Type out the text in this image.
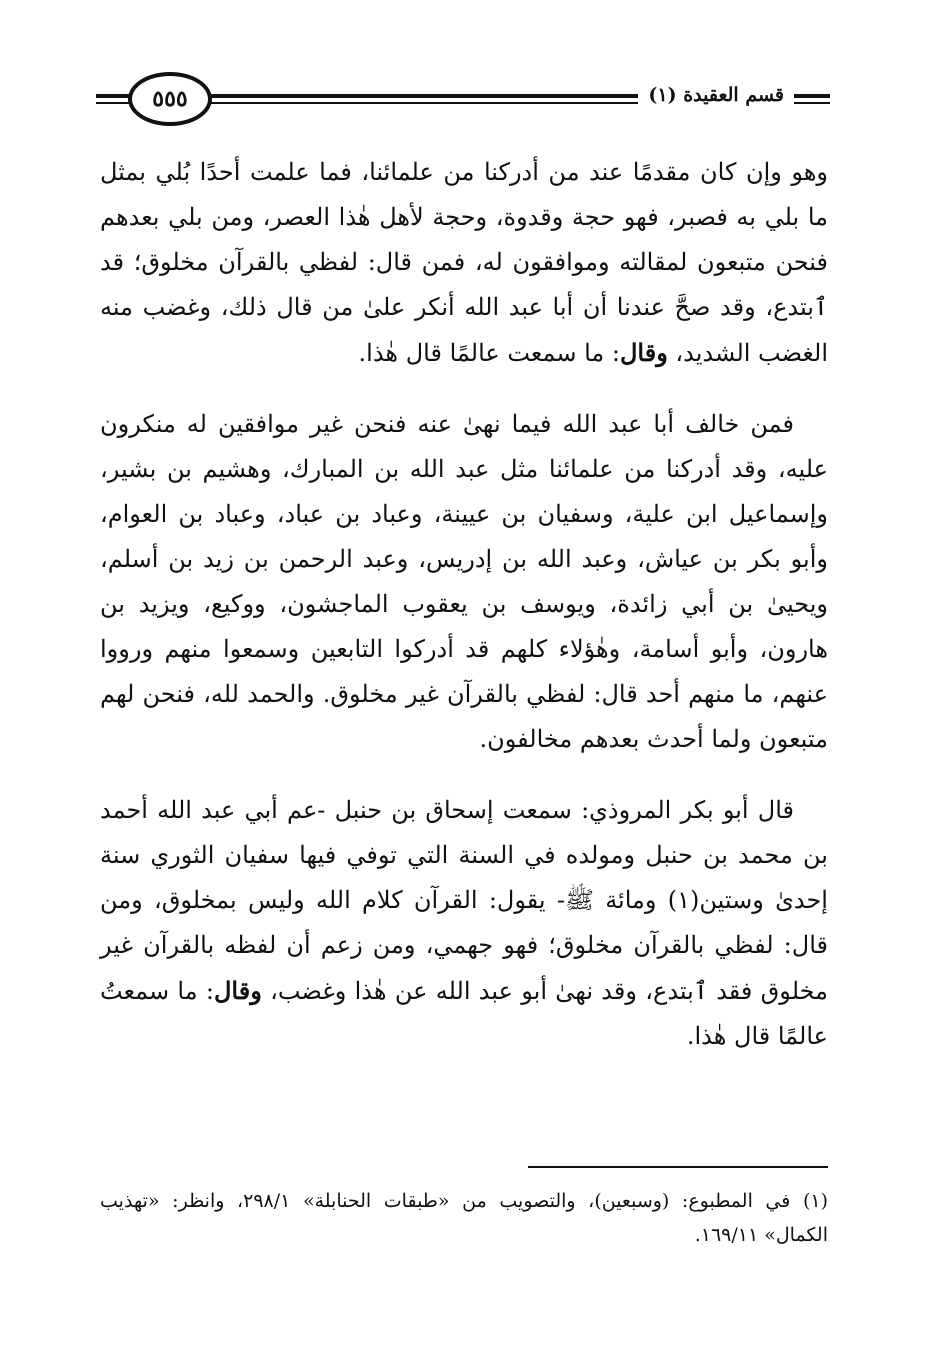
٥٥٥	قسم العقيدة (١)

وهو وإن كان مقدمًا عند من أدركنا من علمائنا، فما علمت أحدًا بُلي بمثل ما بلي به فصبر، فهو حجة وقدوة، وحجة لأهل هٰذا العصر، ومن بلي بعدهم فنحن متبعون لمقالته وموافقون له، فمن قال: لفظي بالقرآن مخلوق؛ قد ٱبتدع، وقد صحَّ عندنا أن أبا عبد الله أنكر علىٰ من قال ذلك، وغضب منه الغضب الشديد، وقال: ما سمعت عالمًا قال هٰذا.

فمن خالف أبا عبد الله فيما نهىٰ عنه فنحن غير موافقين له منكرون عليه، وقد أدركنا من علمائنا مثل عبد الله بن المبارك، وهشيم بن بشير، وإسماعيل ابن علية، وسفيان بن عيينة، وعباد بن عباد، وعباد بن العوام، وأبو بكر بن عياش، وعبد الله بن إدريس، وعبد الرحمن بن زيد بن أسلم، ويحيىٰ بن أبي زائدة، ويوسف بن يعقوب الماجشون، ووكيع، ويزيد بن هارون، وأبو أسامة، وهٰؤلاء كلهم قد أدركوا التابعين وسمعوا منهم ورووا عنهم، ما منهم أحد قال: لفظي بالقرآن غير مخلوق. والحمد لله، فنحن لهم متبعون ولما أحدث بعدهم مخالفون.

قال أبو بكر المروذي: سمعت إسحاق بن حنبل -عم أبي عبد الله أحمد بن محمد بن حنبل ومولده في السنة التي توفي فيها سفيان الثوري سنة إحدىٰ وستين(١) ومائة ﷺ- يقول: القرآن كلام الله وليس بمخلوق، ومن قال: لفظي بالقرآن مخلوق؛ فهو جهمي، ومن زعم أن لفظه بالقرآن غير مخلوق فقد ٱبتدع، وقد نهىٰ أبو عبد الله عن هٰذا وغضب، وقال: ما سمعتُ عالمًا قال هٰذا.

(١) في المطبوع: (وسبعين)، والتصويب من «طبقات الحنابلة» ٢٩٨/١، وانظر: «تهذيب الكمال» ١٦٩/١١.
